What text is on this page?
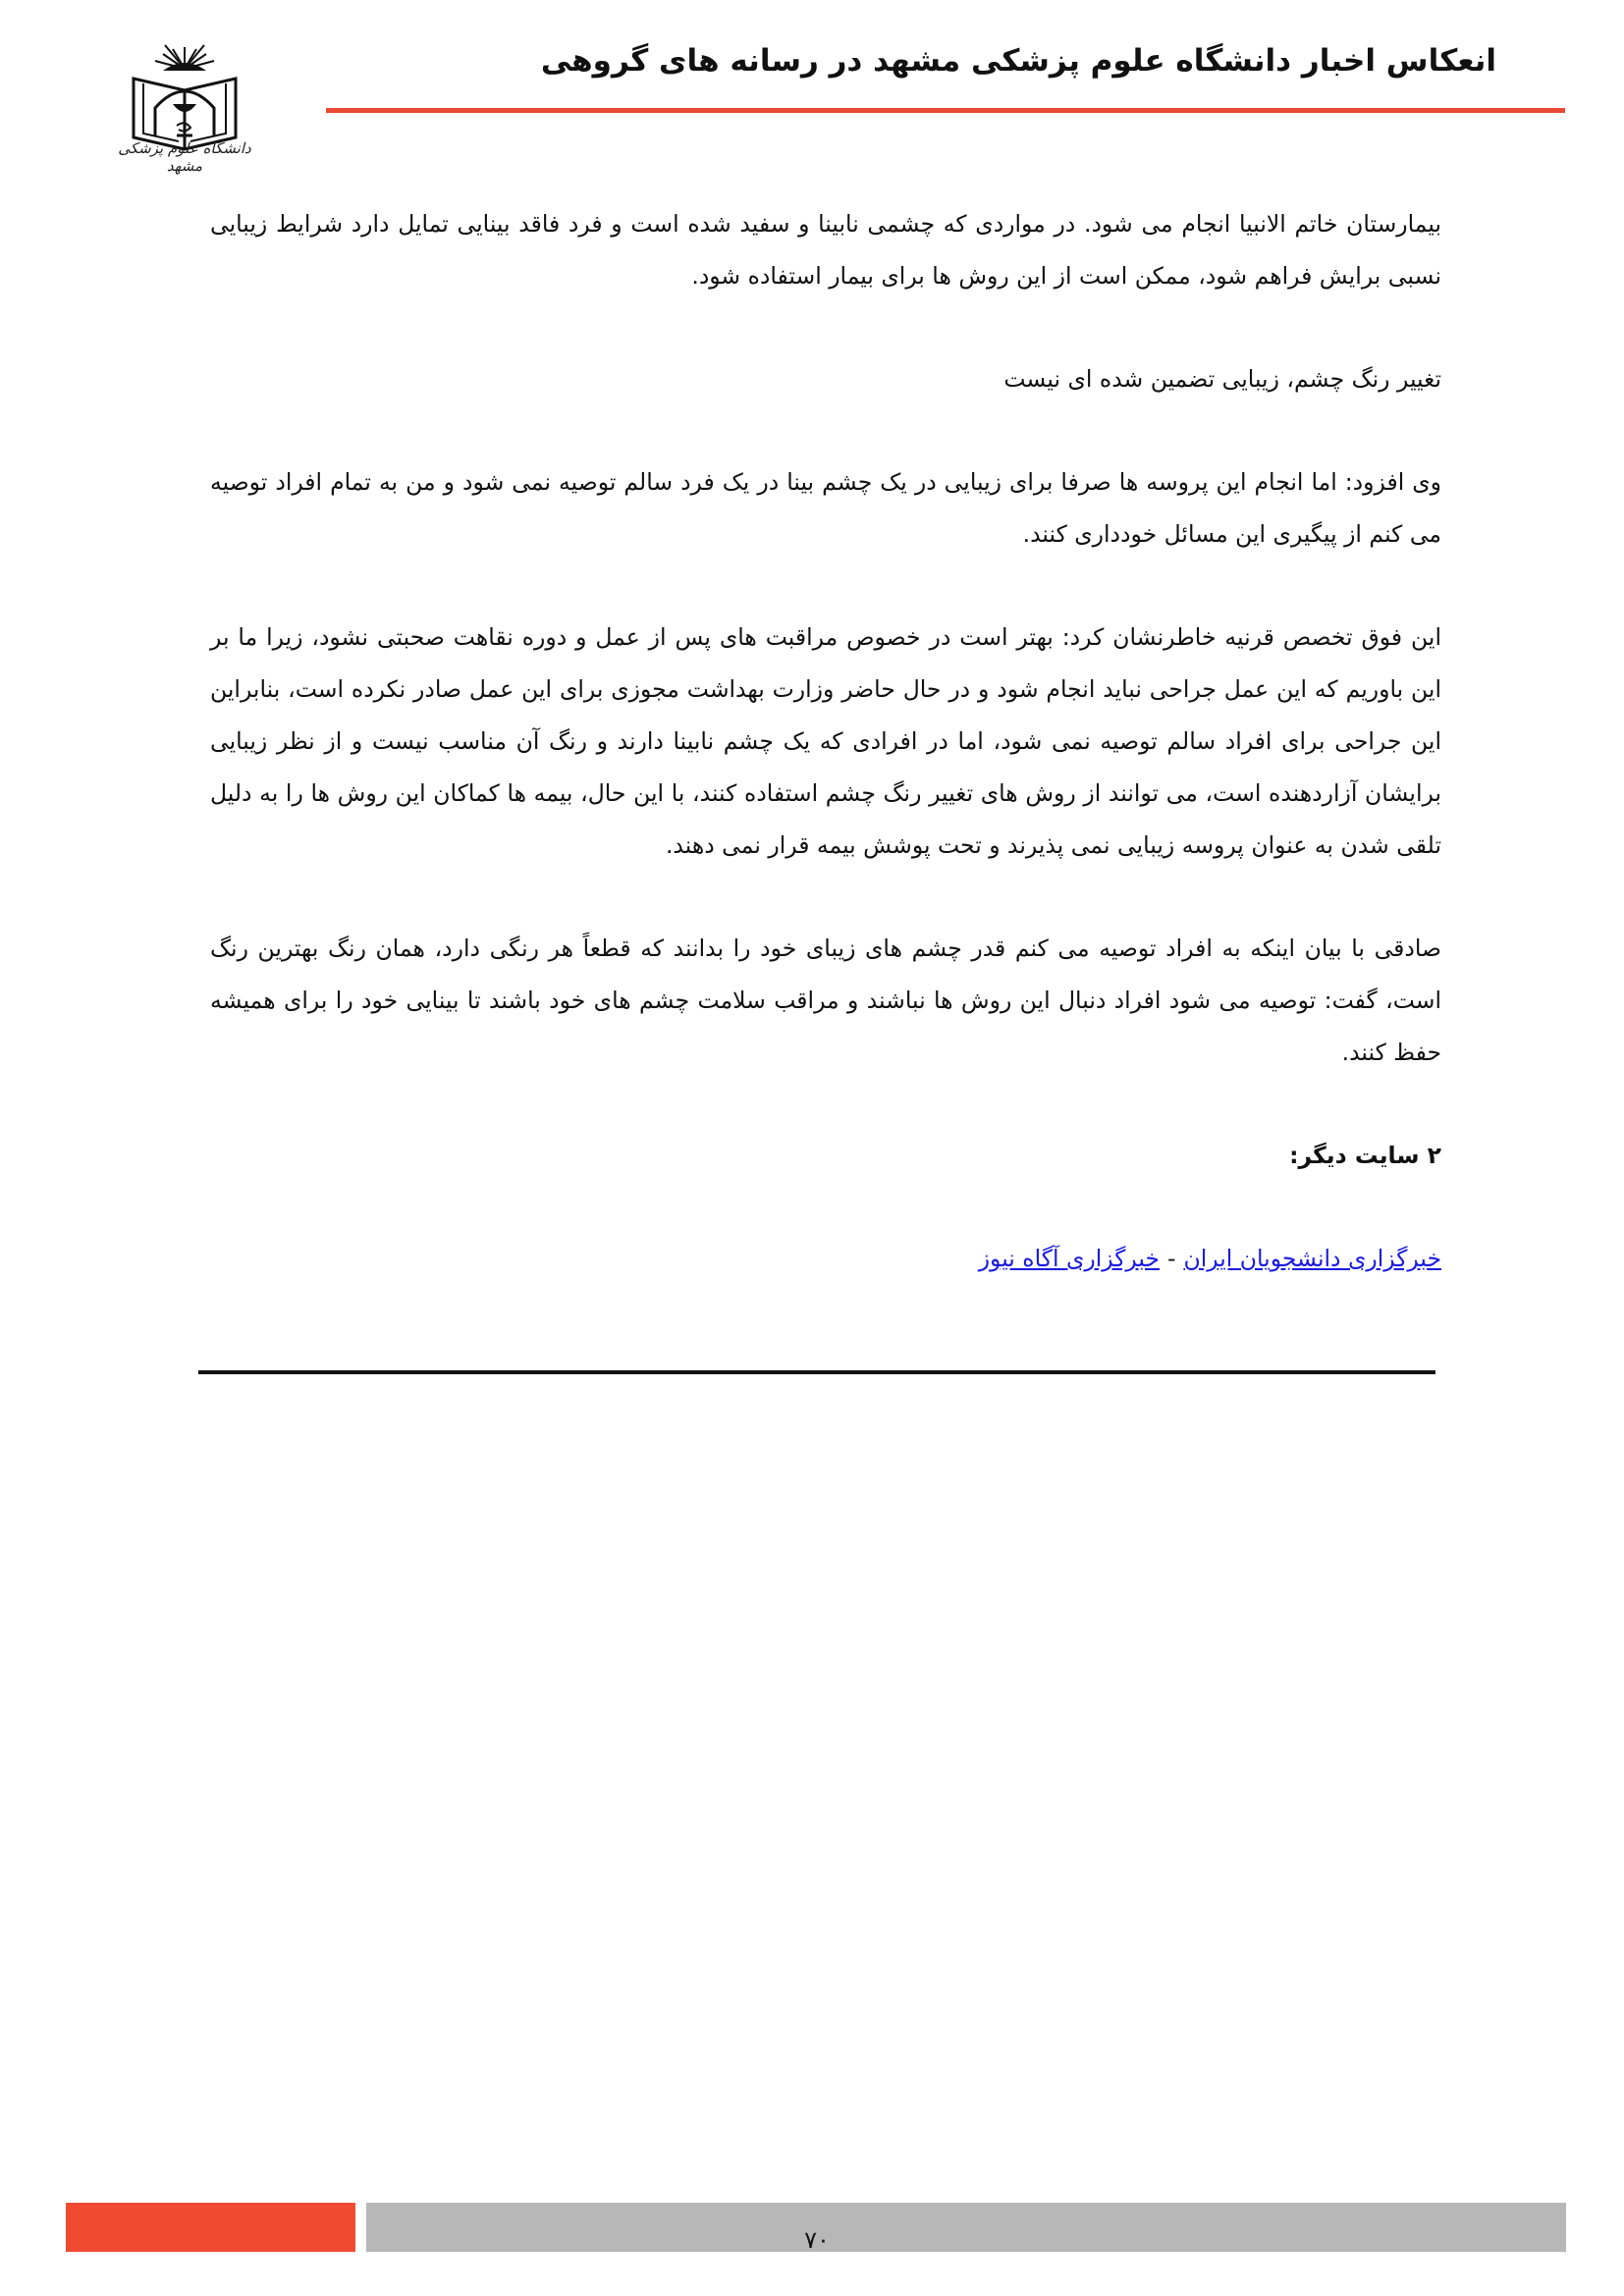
انعکاس اخبار دانشگاه علوم پزشکی مشهد در رسانه های گروهی
دانشگاه علوم پزشکی مشهد

بیمارستان خاتم الانبیا انجام می شود. در مواردی که چشمی نابینا و سفید شده است و فرد فاقد بینایی تمایل دارد شرایط زیبایی نسبی برایش فراهم شود، ممکن است از این روش ها برای بیمار استفاده شود.

تغییر رنگ چشم، زیبایی تضمین شده ای نیست

وی افزود: اما انجام این پروسه ها صرفا برای زیبایی در یک چشم بینا در یک فرد سالم توصیه نمی شود و من به تمام افراد توصیه می کنم از پیگیری این مسائل خودداری کنند.

این فوق تخصص قرنیه خاطرنشان کرد: بهتر است در خصوص مراقبت های پس از عمل و دوره نقاهت صحبتی نشود، زیرا ما بر این باوریم که این عمل جراحی نباید انجام شود و در حال حاضر وزارت بهداشت مجوزی برای این عمل صادر نکرده است، بنابراین این جراحی برای افراد سالم توصیه نمی شود، اما در افرادی که یک چشم نابینا دارند و رنگ آن مناسب نیست و از نظر زیبایی برایشان آزاردهنده است، می توانند از روش های تغییر رنگ چشم استفاده کنند، با این حال، بیمه ها کماکان این روش ها را به دلیل تلقی شدن به عنوان پروسه زیبایی نمی پذیرند و تحت پوشش بیمه قرار نمی دهند.

صادقی با بیان اینکه به افراد توصیه می کنم قدر چشم های زیبای خود را بدانند که قطعاً هر رنگی دارد، همان رنگ بهترین رنگ است، گفت: توصیه می شود افراد دنبال این روش ها نباشند و مراقب سلامت چشم های خود باشند تا بینایی خود را برای همیشه حفظ کنند.

۲ سایت دیگر:

خبرگزاری دانشجویان ایران-خبرگزاری آگاه نیوز

۷۰
